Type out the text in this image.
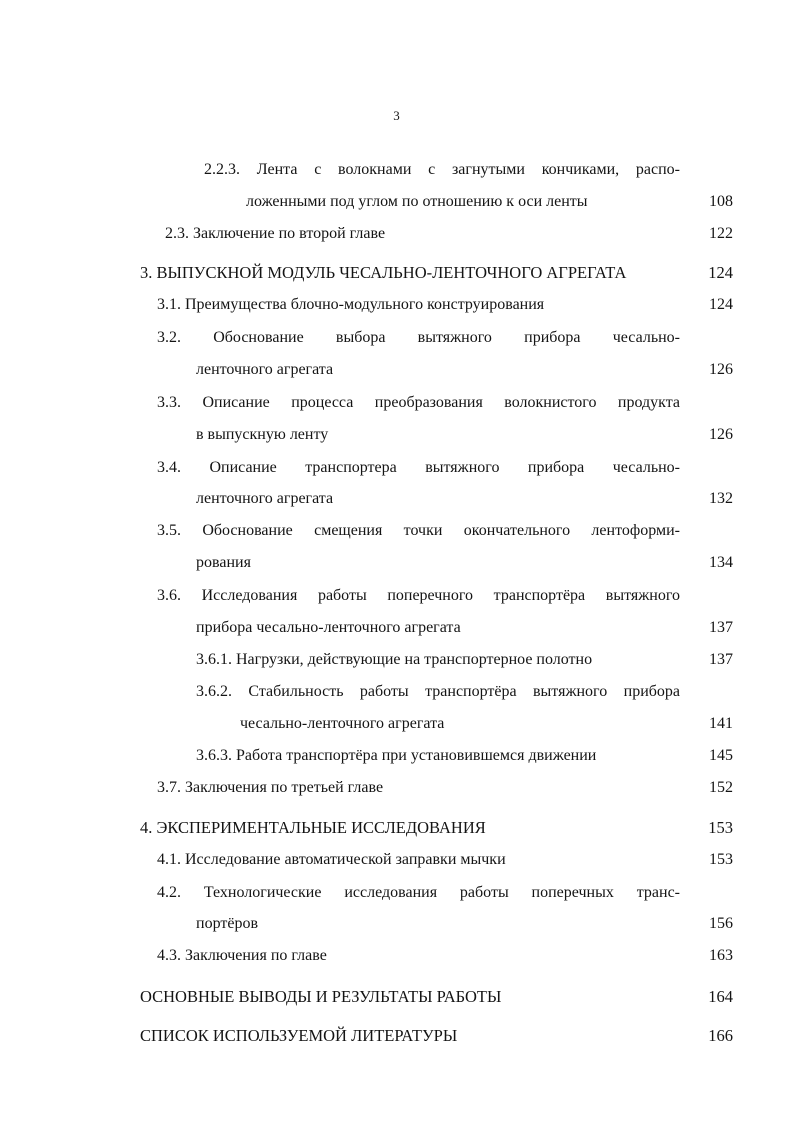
3
2.2.3. Лента с волокнами с загнутыми кончиками, распо-
ложенными под углом по отношению к оси ленты	108
2.3. Заключение по второй главе	122
3. ВЫПУСКНОЙ МОДУЛЬ ЧЕСАЛЬНО-ЛЕНТОЧНОГО АГРЕГАТА	124
3.1. Преимущества блочно-модульного конструирования	124
3.2. Обоснование выбора вытяжного прибора чесально-
ленточного агрегата	126
3.3. Описание процесса преобразования волокнистого продукта
в выпускную ленту	126
3.4. Описание транспортера вытяжного прибора чесально-
ленточного агрегата	132
3.5. Обоснование смещения точки окончательного лентоформи-
рования	134
3.6. Исследования работы поперечного транспортёра вытяжного
прибора чесально-ленточного агрегата	137
3.6.1. Нагрузки, действующие на транспортерное полотно	137
3.6.2. Стабильность работы транспортёра вытяжного прибора
чесально-ленточного агрегата	141
3.6.3. Работа транспортёра при установившемся движении	145
3.7. Заключения по третьей главе	152
4. ЭКСПЕРИМЕНТАЛЬНЫЕ ИССЛЕДОВАНИЯ	153
4.1. Исследование автоматической заправки мычки	153
4.2. Технологические исследования работы поперечных транс-
портёров	156
4.3. Заключения по главе	163
ОСНОВНЫЕ ВЫВОДЫ И РЕЗУЛЬТАТЫ РАБОТЫ	164
СПИСОК ИСПОЛЬЗУЕМОЙ ЛИТЕРАТУРЫ	166
